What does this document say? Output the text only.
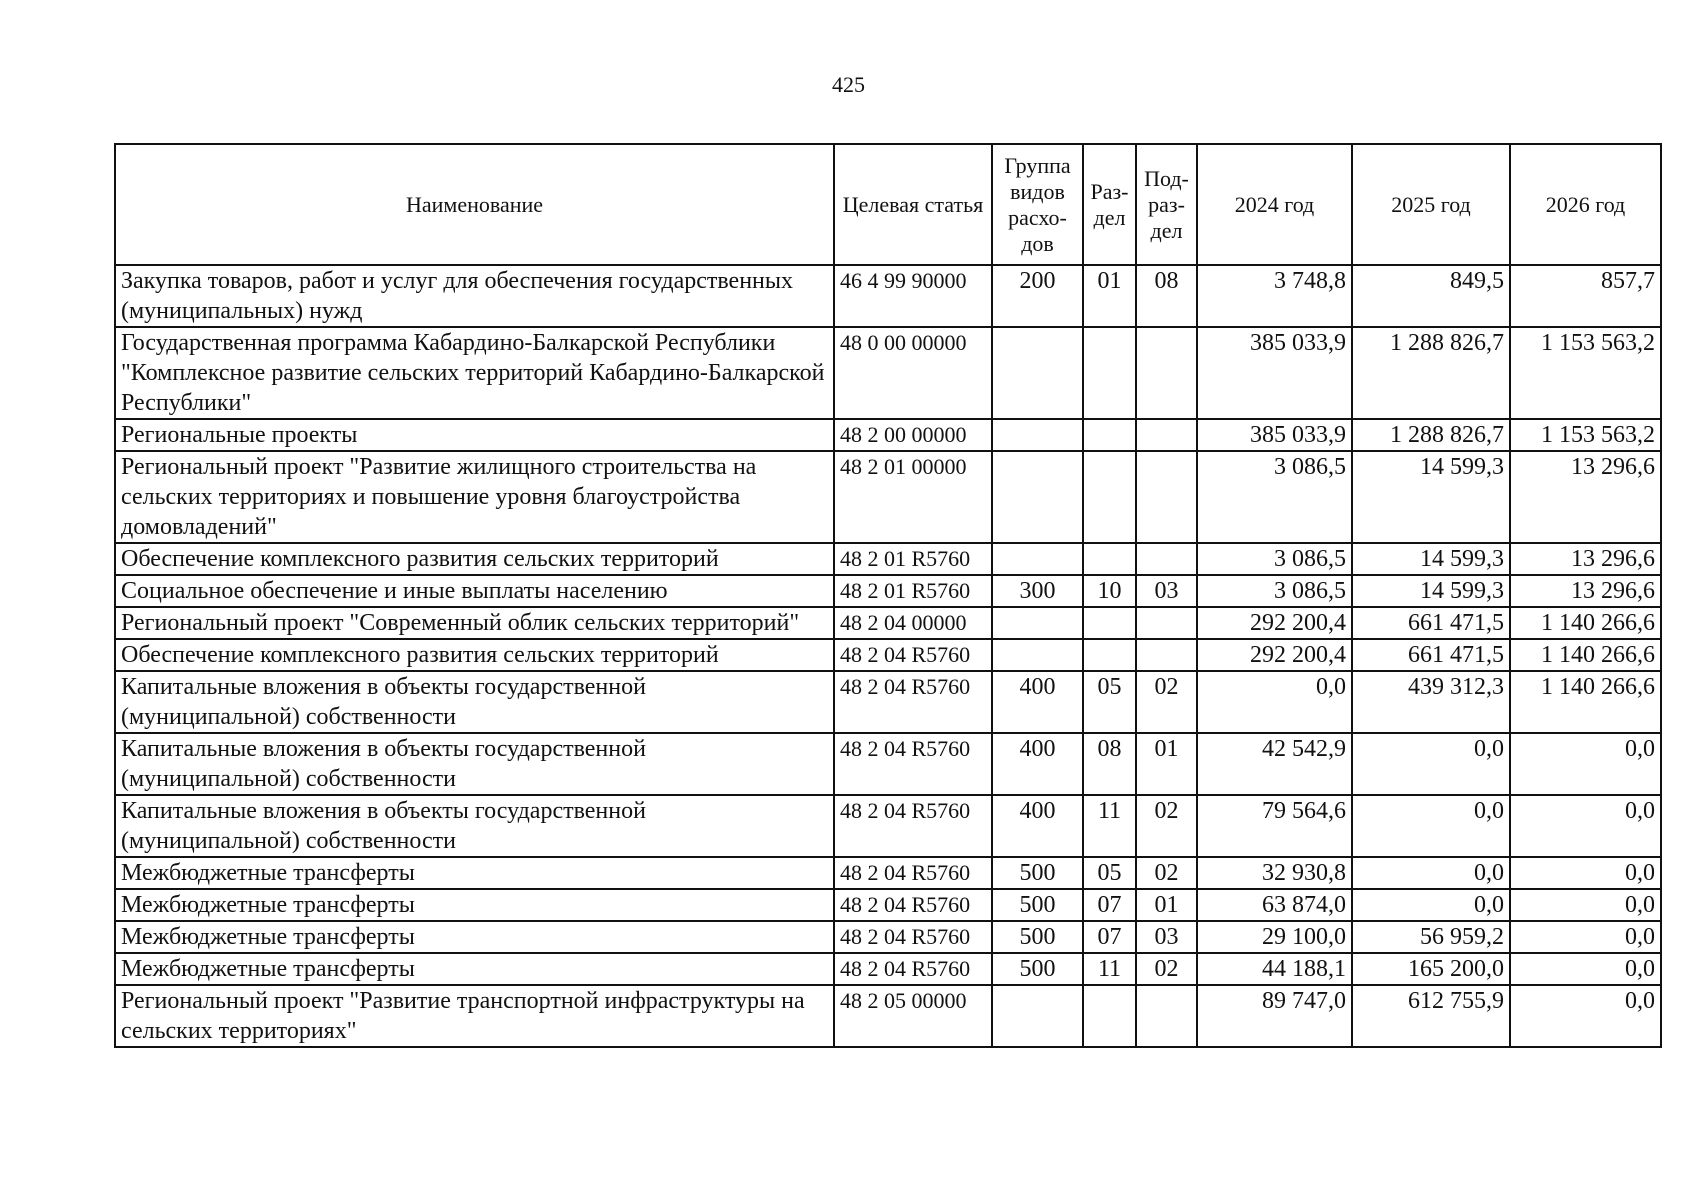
425
Наименование	Целевая статья	Группа видов расхо- дов	Раз- дел	Под- раз- дел	2024 год	2025 год	2026 год
Закупка товаров, работ и услуг для обеспечения государственных (муниципальных) нужд	46 4 99 90000	200	01	08	3 748,8	849,5	857,7
Государственная программа Кабардино-Балкарской Республики "Комплексное развитие сельских территорий Кабардино-Балкарской Республики"	48 0 00 00000				385 033,9	1 288 826,7	1 153 563,2
Региональные проекты	48 2 00 00000				385 033,9	1 288 826,7	1 153 563,2
Региональный проект "Развитие жилищного строительства на сельских территориях и повышение уровня благоустройства домовладений"	48 2 01 00000				3 086,5	14 599,3	13 296,6
Обеспечение комплексного развития сельских территорий	48 2 01 R5760				3 086,5	14 599,3	13 296,6
Социальное обеспечение и иные выплаты населению	48 2 01 R5760	300	10	03	3 086,5	14 599,3	13 296,6
Региональный проект "Современный облик сельских территорий"	48 2 04 00000				292 200,4	661 471,5	1 140 266,6
Обеспечение комплексного развития сельских территорий	48 2 04 R5760				292 200,4	661 471,5	1 140 266,6
Капитальные вложения в объекты государственной (муниципальной) собственности	48 2 04 R5760	400	05	02	0,0	439 312,3	1 140 266,6
Капитальные вложения в объекты государственной (муниципальной) собственности	48 2 04 R5760	400	08	01	42 542,9	0,0	0,0
Капитальные вложения в объекты государственной (муниципальной) собственности	48 2 04 R5760	400	11	02	79 564,6	0,0	0,0
Межбюджетные трансферты	48 2 04 R5760	500	05	02	32 930,8	0,0	0,0
Межбюджетные трансферты	48 2 04 R5760	500	07	01	63 874,0	0,0	0,0
Межбюджетные трансферты	48 2 04 R5760	500	07	03	29 100,0	56 959,2	0,0
Межбюджетные трансферты	48 2 04 R5760	500	11	02	44 188,1	165 200,0	0,0
Региональный проект "Развитие транспортной инфраструктуры на сельских территориях"	48 2 05 00000				89 747,0	612 755,9	0,0
